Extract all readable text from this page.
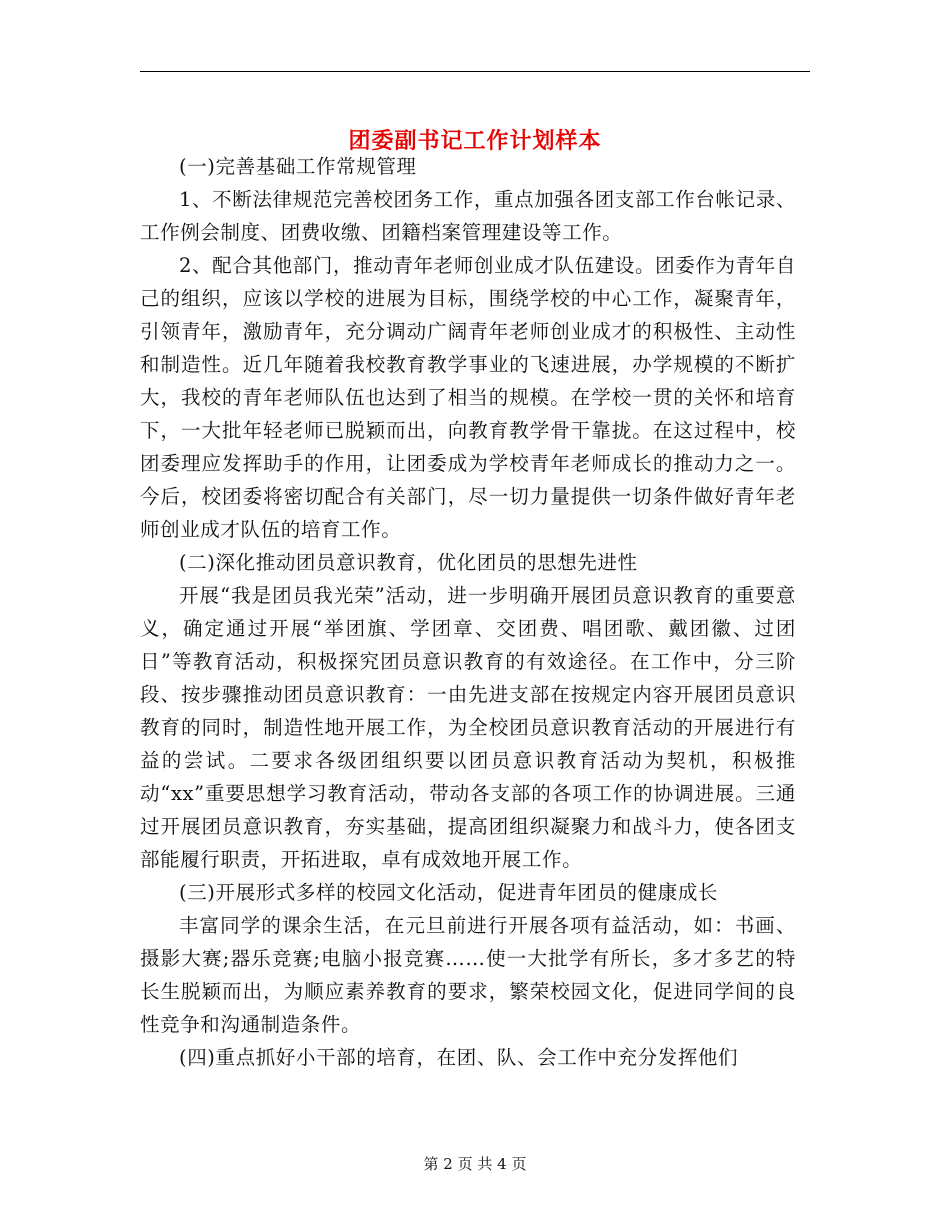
团委副书记工作计划样本

(一)完善基础工作常规管理

1、不断法律规范完善校团务工作，重点加强各团支部工作台帐记录、工作例会制度、团费收缴、团籍档案管理建设等工作。

2、配合其他部门，推动青年老师创业成才队伍建设。团委作为青年自己的组织，应该以学校的进展为目标，围绕学校的中心工作，凝聚青年，引领青年，激励青年，充分调动广阔青年老师创业成才的积极性、主动性和制造性。近几年随着我校教育教学事业的飞速进展，办学规模的不断扩大，我校的青年老师队伍也达到了相当的规模。在学校一贯的关怀和培育下，一大批年轻老师已脱颖而出，向教育教学骨干靠拢。在这过程中，校团委理应发挥助手的作用，让团委成为学校青年老师成长的推动力之一。今后，校团委将密切配合有关部门，尽一切力量提供一切条件做好青年老师创业成才队伍的培育工作。

(二)深化推动团员意识教育，优化团员的思想先进性

开展“我是团员我光荣”活动，进一步明确开展团员意识教育的重要意义，确定通过开展“举团旗、学团章、交团费、唱团歌、戴团徽、过团日”等教育活动，积极探究团员意识教育的有效途径。在工作中，分三阶段、按步骤推动团员意识教育：一由先进支部在按规定内容开展团员意识教育的同时，制造性地开展工作，为全校团员意识教育活动的开展进行有益的尝试。二要求各级团组织要以团员意识教育活动为契机，积极推动“xx”重要思想学习教育活动，带动各支部的各项工作的协调进展。三通过开展团员意识教育，夯实基础，提高团组织凝聚力和战斗力，使各团支部能履行职责，开拓进取，卓有成效地开展工作。

(三)开展形式多样的校园文化活动，促进青年团员的健康成长

丰富同学的课余生活，在元旦前进行开展各项有益活动，如：书画、摄影大赛;器乐竞赛;电脑小报竞赛……使一大批学有所长，多才多艺的特长生脱颖而出，为顺应素养教育的要求，繁荣校园文化，促进同学间的良性竞争和沟通制造条件。

(四)重点抓好小干部的培育，在团、队、会工作中充分发挥他们

第 2 页 共 4 页
